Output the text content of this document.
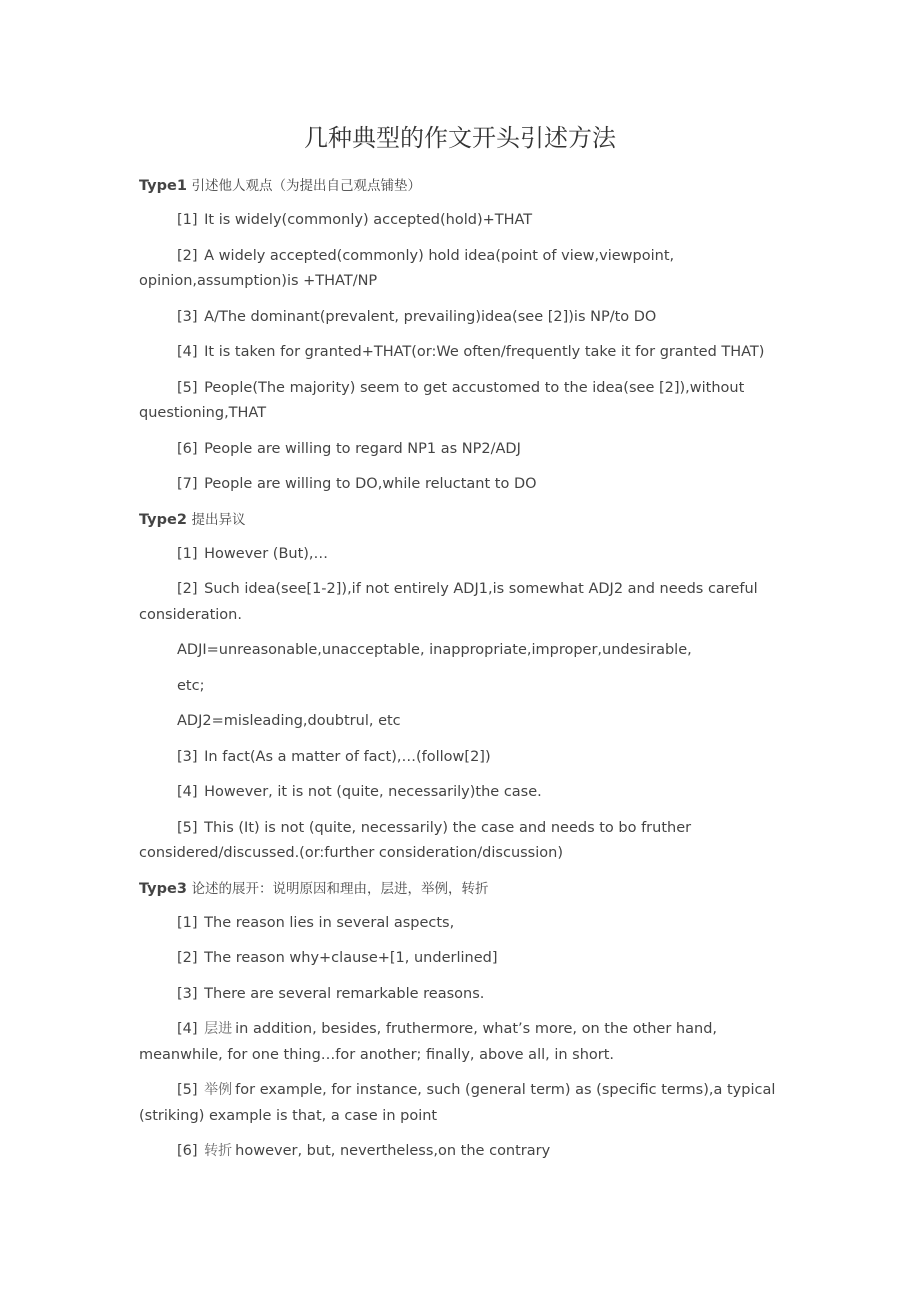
几种典型的作文开头引述方法
Type1 引述他人观点（为提出自己观点铺垫）
[1] It is widely(commonly) accepted(hold)+THAT
[2] A widely accepted(commonly) hold idea(point of view,viewpoint, opinion,assumption)is +THAT/NP
[3] A/The dominant(prevalent, prevailing)idea(see [2])is NP/to DO
[4] It is taken for granted+THAT(or:We often/frequently take it for granted THAT)
[5] People(The majority) seem to get accustomed to the idea(see [2]),without questioning,THAT
[6] People are willing to regard NP1 as NP2/ADJ
[7] People are willing to DO,while reluctant to DO
Type2 提出异议
[1] However (But),…
[2] Such idea(see[1-2]),if not entirely ADJ1,is somewhat ADJ2 and needs careful consideration.
ADJI=unreasonable,unacceptable, inappropriate,improper,undesirable,
etc;
ADJ2=misleading,doubtrul, etc
[3] In fact(As a matter of fact),…(follow[2])
[4] However, it is not (quite, necessarily)the case.
[5] This (It) is not (quite, necessarily) the case and needs to bo fruther considered/discussed.(or:further consideration/discussion)
Type3 论述的展开：说明原因和理由，层进，举例，转折
[1] The reason lies in several aspects,
[2] The reason why+clause+[1, underlined]
[3] There are several remarkable reasons.
[4] 层进 in addition, besides, fruthermore, what’s more, on the other hand, meanwhile, for one thing…for another; finally, above all, in short.
[5] 举例 for example, for instance, such (general term) as (specific terms),a typical (striking) example is that, a case in point
[6] 转折 however, but, nevertheless,on the contrary
